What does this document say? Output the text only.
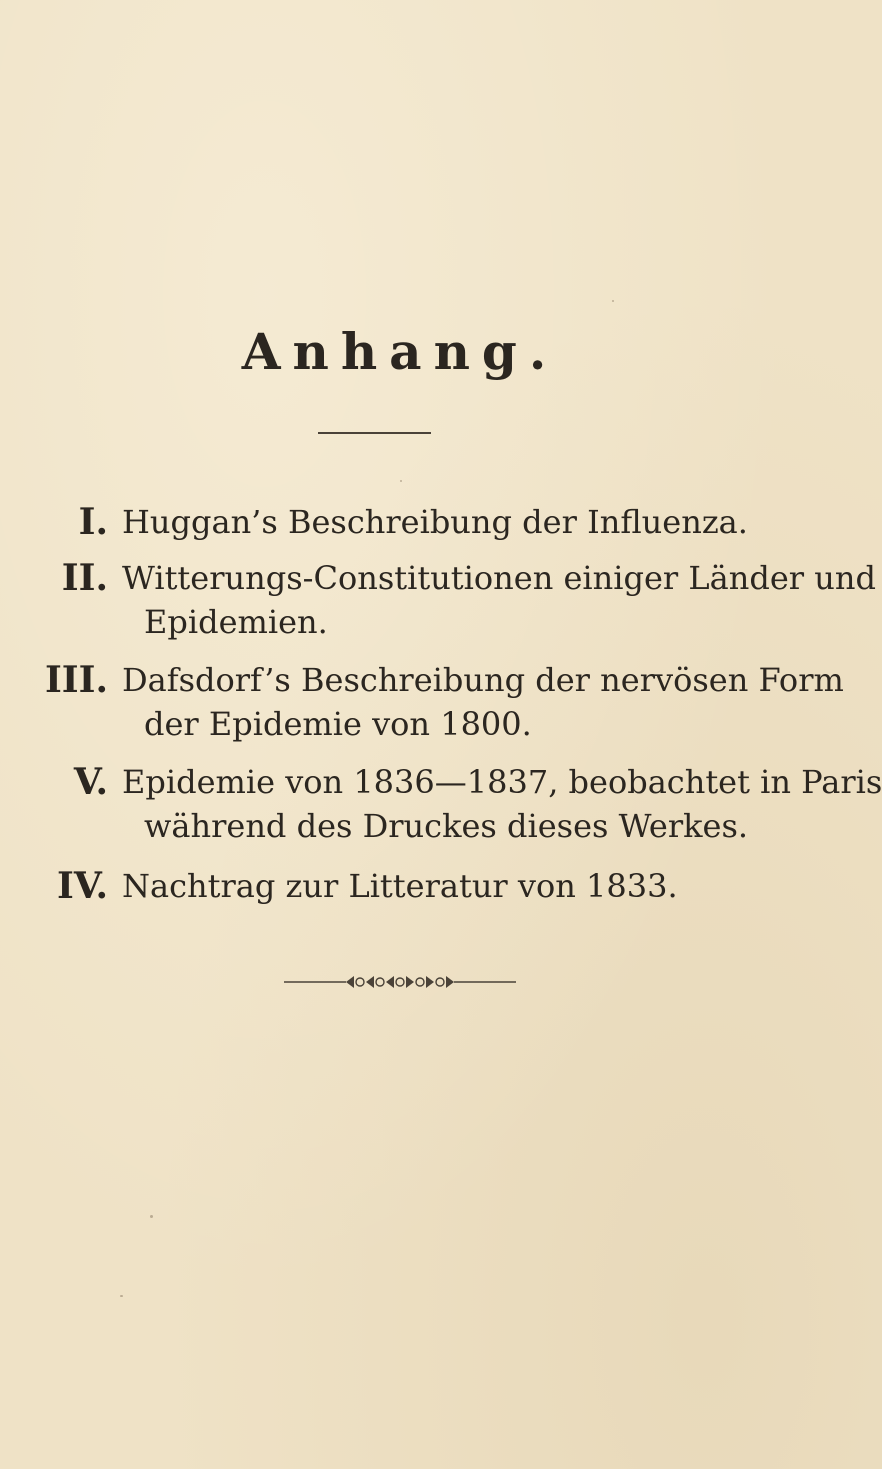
Anhang.
I. Huggan’s Beschreibung der Influenza.
II. Witterungs-Constitutionen einiger Länder und
Epidemien.
III. Dafsdorf’s Beschreibung der nervösen Form
der Epidemie von 1800.
V. Epidemie von 1836—1837, beobachtet in Paris
während des Druckes dieses Werkes.
IV. Nachtrag zur Litteratur von 1833.
